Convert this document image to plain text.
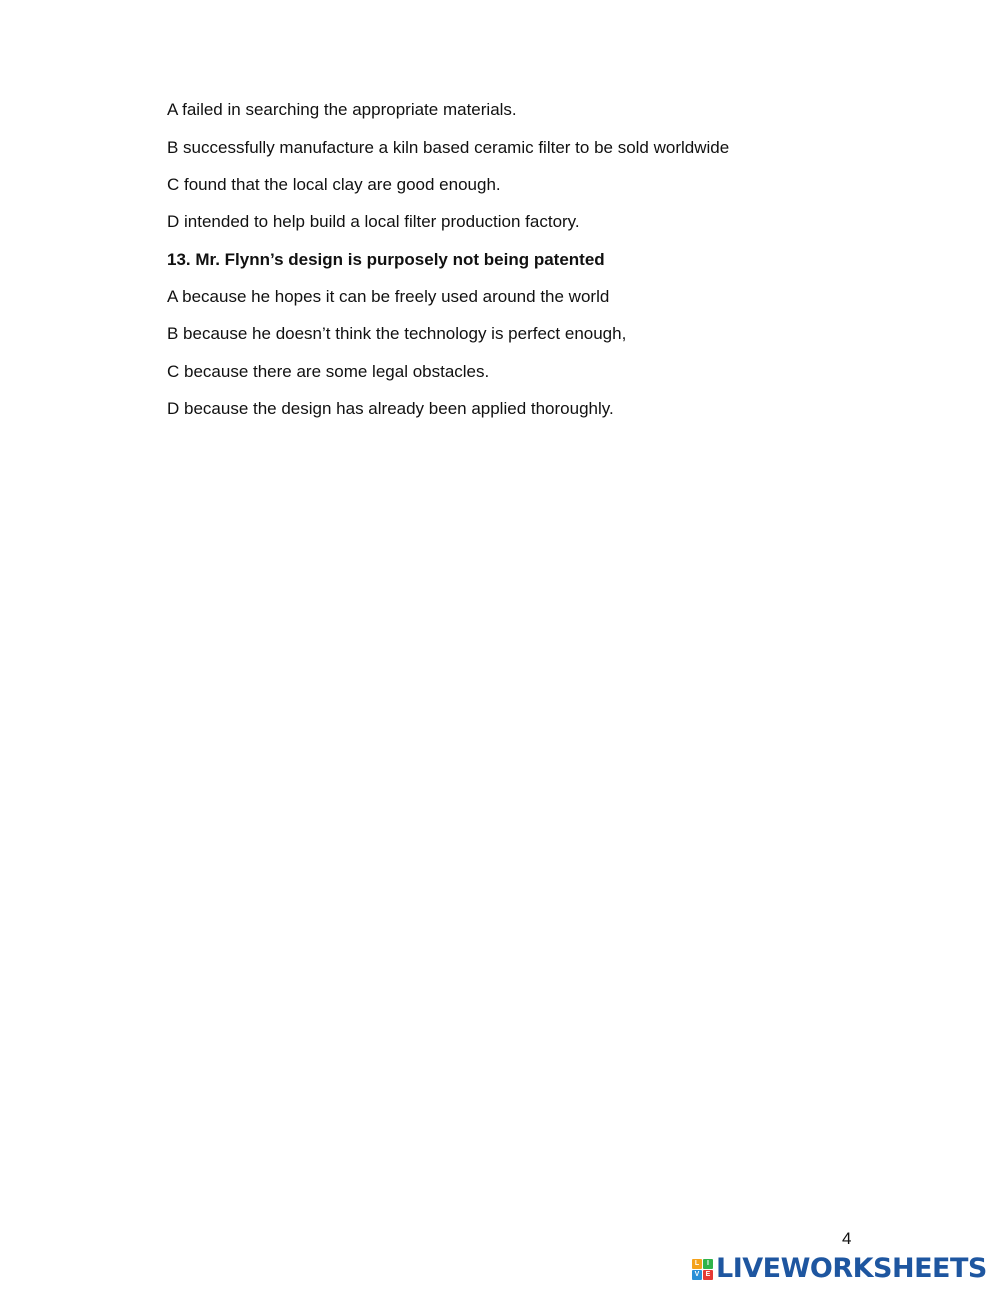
A failed in searching the appropriate materials.
B successfully manufacture a kiln based ceramic filter to be sold worldwide
C found that the local clay are good enough.
D intended to help build a local filter production factory.
13. Mr. Flynn’s design is purposely not being patented
A because he hopes it can be freely used around the world
B because he doesn’t think the technology is perfect enough,
C because there are some legal obstacles.
D because the design has already been applied thoroughly.
4
L	I
V E LIVEWORKSHEETS
